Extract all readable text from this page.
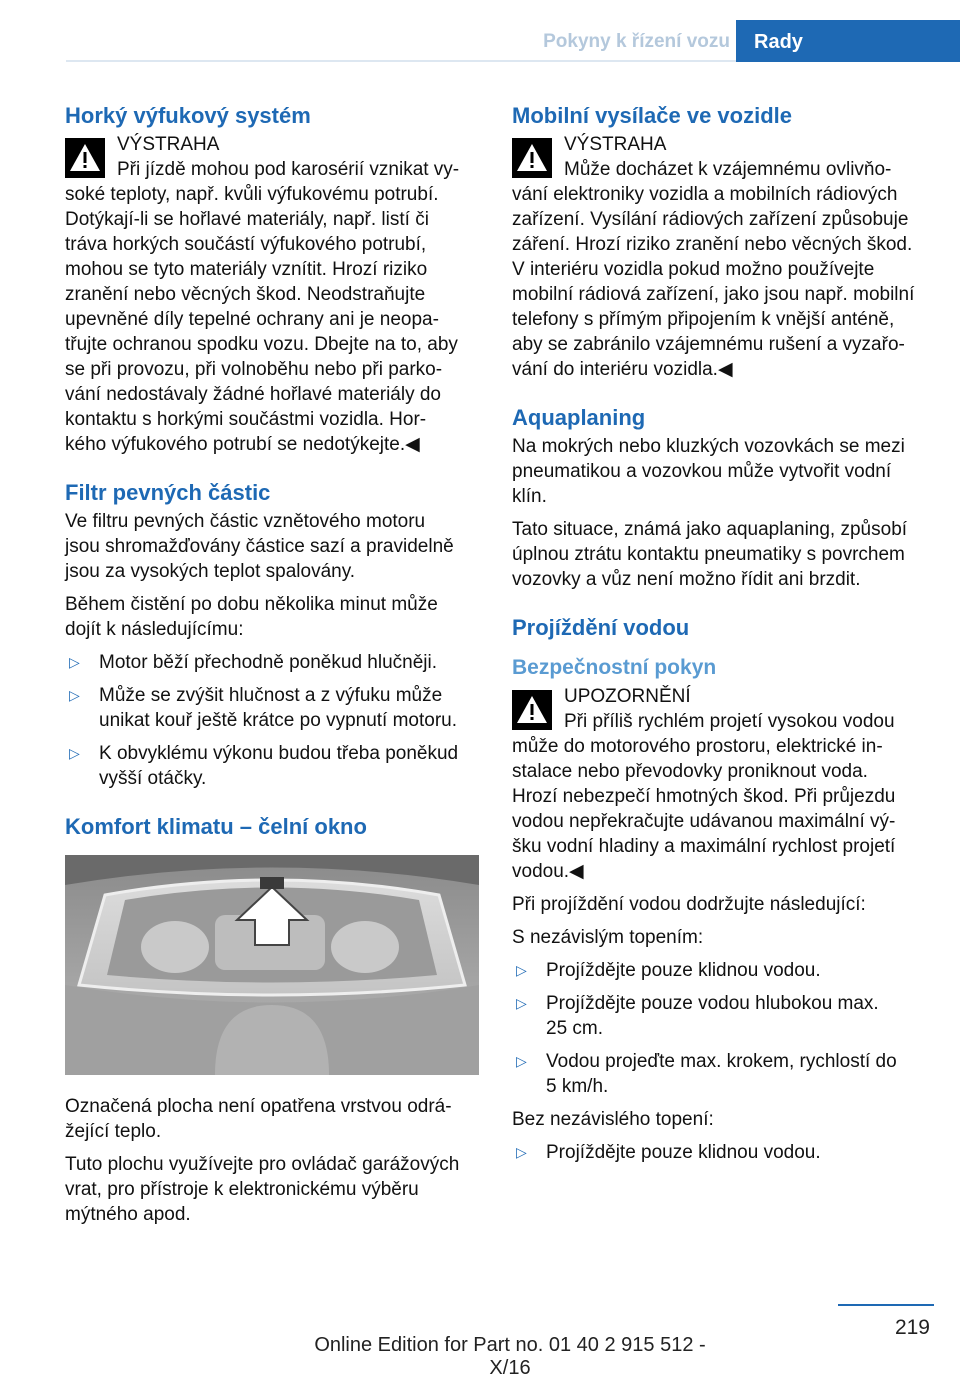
Pokyny k řízení vozu	Rady
Horký výfukový systém
VÝSTRAHA

Při jízdě mohou pod karosérií vznikat vy-
soké teploty, např. kvůli výfukovému potrubí.
Dotýkají-li se hořlavé materiály, např. listí či
tráva horkých součástí výfukového potrubí,
mohou se tyto materiály vznítit. Hrozí riziko
zranění nebo věcných škod. Neodstraňujte
upevněné díly tepelné ochrany ani je neopa-
třujte ochranou spodku vozu. Dbejte na to, aby
se při provozu, při volnoběhu nebo při parko-
vání nedostávaly žádné hořlavé materiály do
kontaktu s horkými součástmi vozidla. Hor-
kého výfukového potrubí se nedotýkejte.◀

Filtr pevných částic

Ve filtru pevných částic vznětového motoru
jsou shromažďovány částice sazí a pravidelně
jsou za vysokých teplot spalovány.

Během čistění po dobu několika minut může
dojít k následujícímu:

▷ Motor běží přechodně poněkud hlučněji.
▷ Může se zvýšit hlučnost a z výfuku může
unikat kouř ještě krátce po vypnutí motoru.
▷ K obvyklému výkonu budou třeba poněkud
vyšší otáčky.
Komfort klimatu – čelní okno

Označená plocha není opatřena vrstvou odrá-
žející teplo.

Tuto plochu využívejte pro ovládač garážových
vrat, pro přístroje k elektronickému výběru
mýtného apod.

Mobilní vysílače ve vozidle
VÝSTRAHA

Může docházet k vzájemnému ovlivňo-
vání elektroniky vozidla a mobilních rádiových
zařízení. Vysílání rádiových zařízení způsobuje
záření. Hrozí riziko zranění nebo věcných škod.
V interiéru vozidla pokud možno používejte
mobilní rádiová zařízení, jako jsou např. mobilní
telefony s přímým připojením k vnější anténě,
aby se zabránilo vzájemnému rušení a vyzařo-
vání do interiéru vozidla.◀

Aquaplaning

Na mokrých nebo kluzkých vozovkách se mezi
pneumatikou a vozovkou může vytvořit vodní
klín.

Tato situace, známá jako aquaplaning, způsobí
úplnou ztrátu kontaktu pneumatiky s povrchem
vozovky a vůz není možno řídit ani brzdit.

Projíždění vodou
Bezpečnostní pokyn
UPOZORNĚNÍ

Při příliš rychlém projetí vysokou vodou
může do motorového prostoru, elektrické in-
stalace nebo převodovky proniknout voda.
Hrozí nebezpečí hmotných škod. Při průjezdu
vodou nepřekračujte udávanou maximální vý-
šku vodní hladiny a maximální rychlost projetí
vodou.◀

Při projíždění vodou dodržujte následující:

S nezávislým topením:

▷ Projíždějte pouze klidnou vodou.
▷ Projíždějte pouze vodou hlubokou max.
25 cm.
▷ Vodou projeďte max. krokem, rychlostí do
5 km/h.

Bez nezávislého topení:

▷ Projíždějte pouze klidnou vodou.
219
Online Edition for Part no. 01 40 2 915 512 - X/16
